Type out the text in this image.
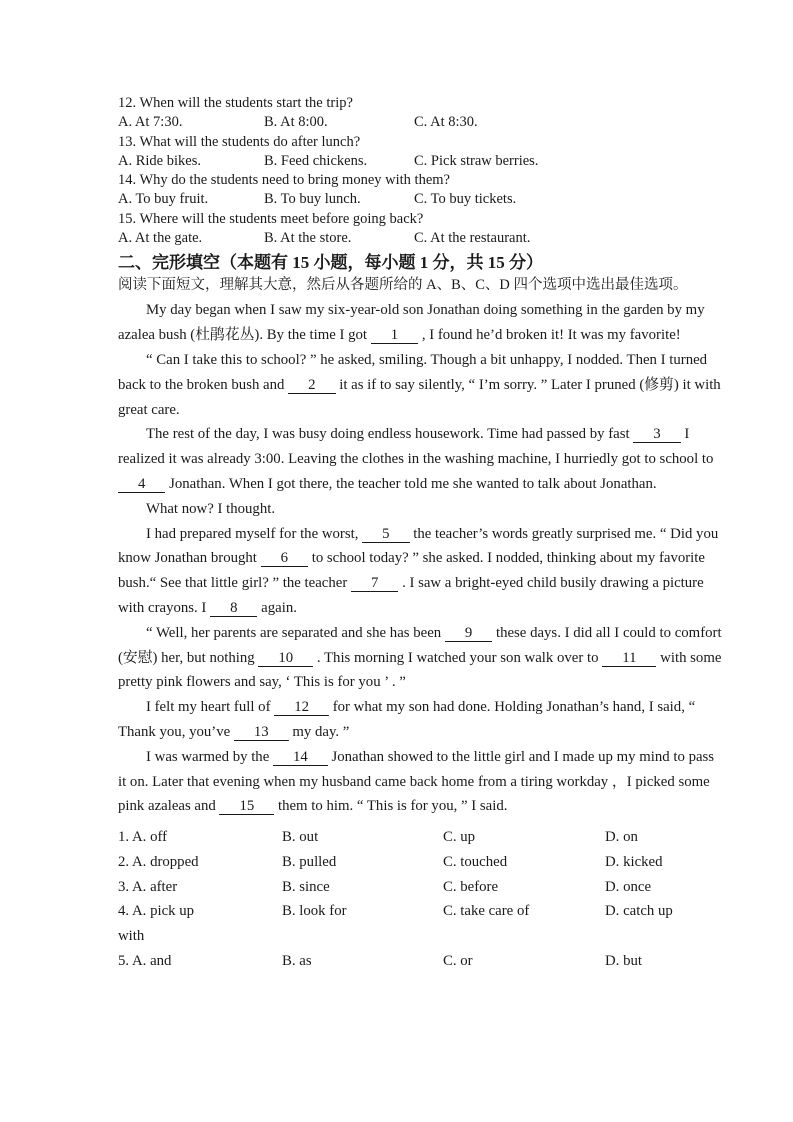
12. When will the students start the trip?
A. At 7:30.	B. At 8:00.	C. At 8:30.
13. What will the students do after lunch?
A. Ride bikes.	B. Feed chickens.	C. Pick straw berries.
14. Why do the students need to bring money with them?
A. To buy fruit.	B. To buy lunch.	C. To buy tickets.
15. Where will the students meet before going back?
A. At the gate.	B. At the store.	C. At the restaurant.
二、完形填空（本题有 15 小题，每小题 1 分，共 15 分）
阅读下面短文，理解其大意，然后从各题所给的 A、B、C、D 四个选项中选出最佳选项。

My day began when I saw my six-year-old son Jonathan doing something in the garden by my azalea bush (杜鹃花丛). By the time I got 1 , I found he’d broken it! It was my favorite!

“ Can I take this to school? ” he asked, smiling. Though a bit unhappy, I nodded. Then I turned back to the broken bush and 2 it as if to say silently, “ I’m sorry. ” Later I pruned (修剪) it with great care.

The rest of the day, I was busy doing endless housework. Time had passed by fast 3 I realized it was already 3:00. Leaving the clothes in the washing machine, I hurriedly got to school to 4 Jonathan. When I got there, the teacher told me she wanted to talk about Jonathan.

What now? I thought.

I had prepared myself for the worst, 5 the teacher’s words greatly surprised me. “ Did you know Jonathan brought 6 to school today? ” she asked. I nodded, thinking about my favorite bush.“ See that little girl? ” the teacher 7 . I saw a bright-eyed child busily drawing a picture with crayons. I 8 again.

“ Well, her parents are separated and she has been 9 these days. I did all I could to comfort (安慰) her, but nothing 10 . This morning I watched your son walk over to 11 with some pretty pink flowers and say, ‘ This is for you ’ . ”

I felt my heart full of 12 for what my son had done. Holding Jonathan’s hand, I said, “ Thank you, you’ve 13 my day. ”

I was warmed by the 14 Jonathan showed to the little girl and I made up my mind to pass it on. Later that evening when my husband came back home from a tiring workday ，I picked some pink azaleas and 15 them to him. “ This is for you, ” I said.

1. A. off	B. out	C. up	D. on
2. A. dropped	B. pulled	C. touched	D. kicked
3. A. after	B. since	C. before	D. once
4. A. pick up	B. look for	C. take care of	D. catch up
with
5. A. and	B. as	C. or	D. but
